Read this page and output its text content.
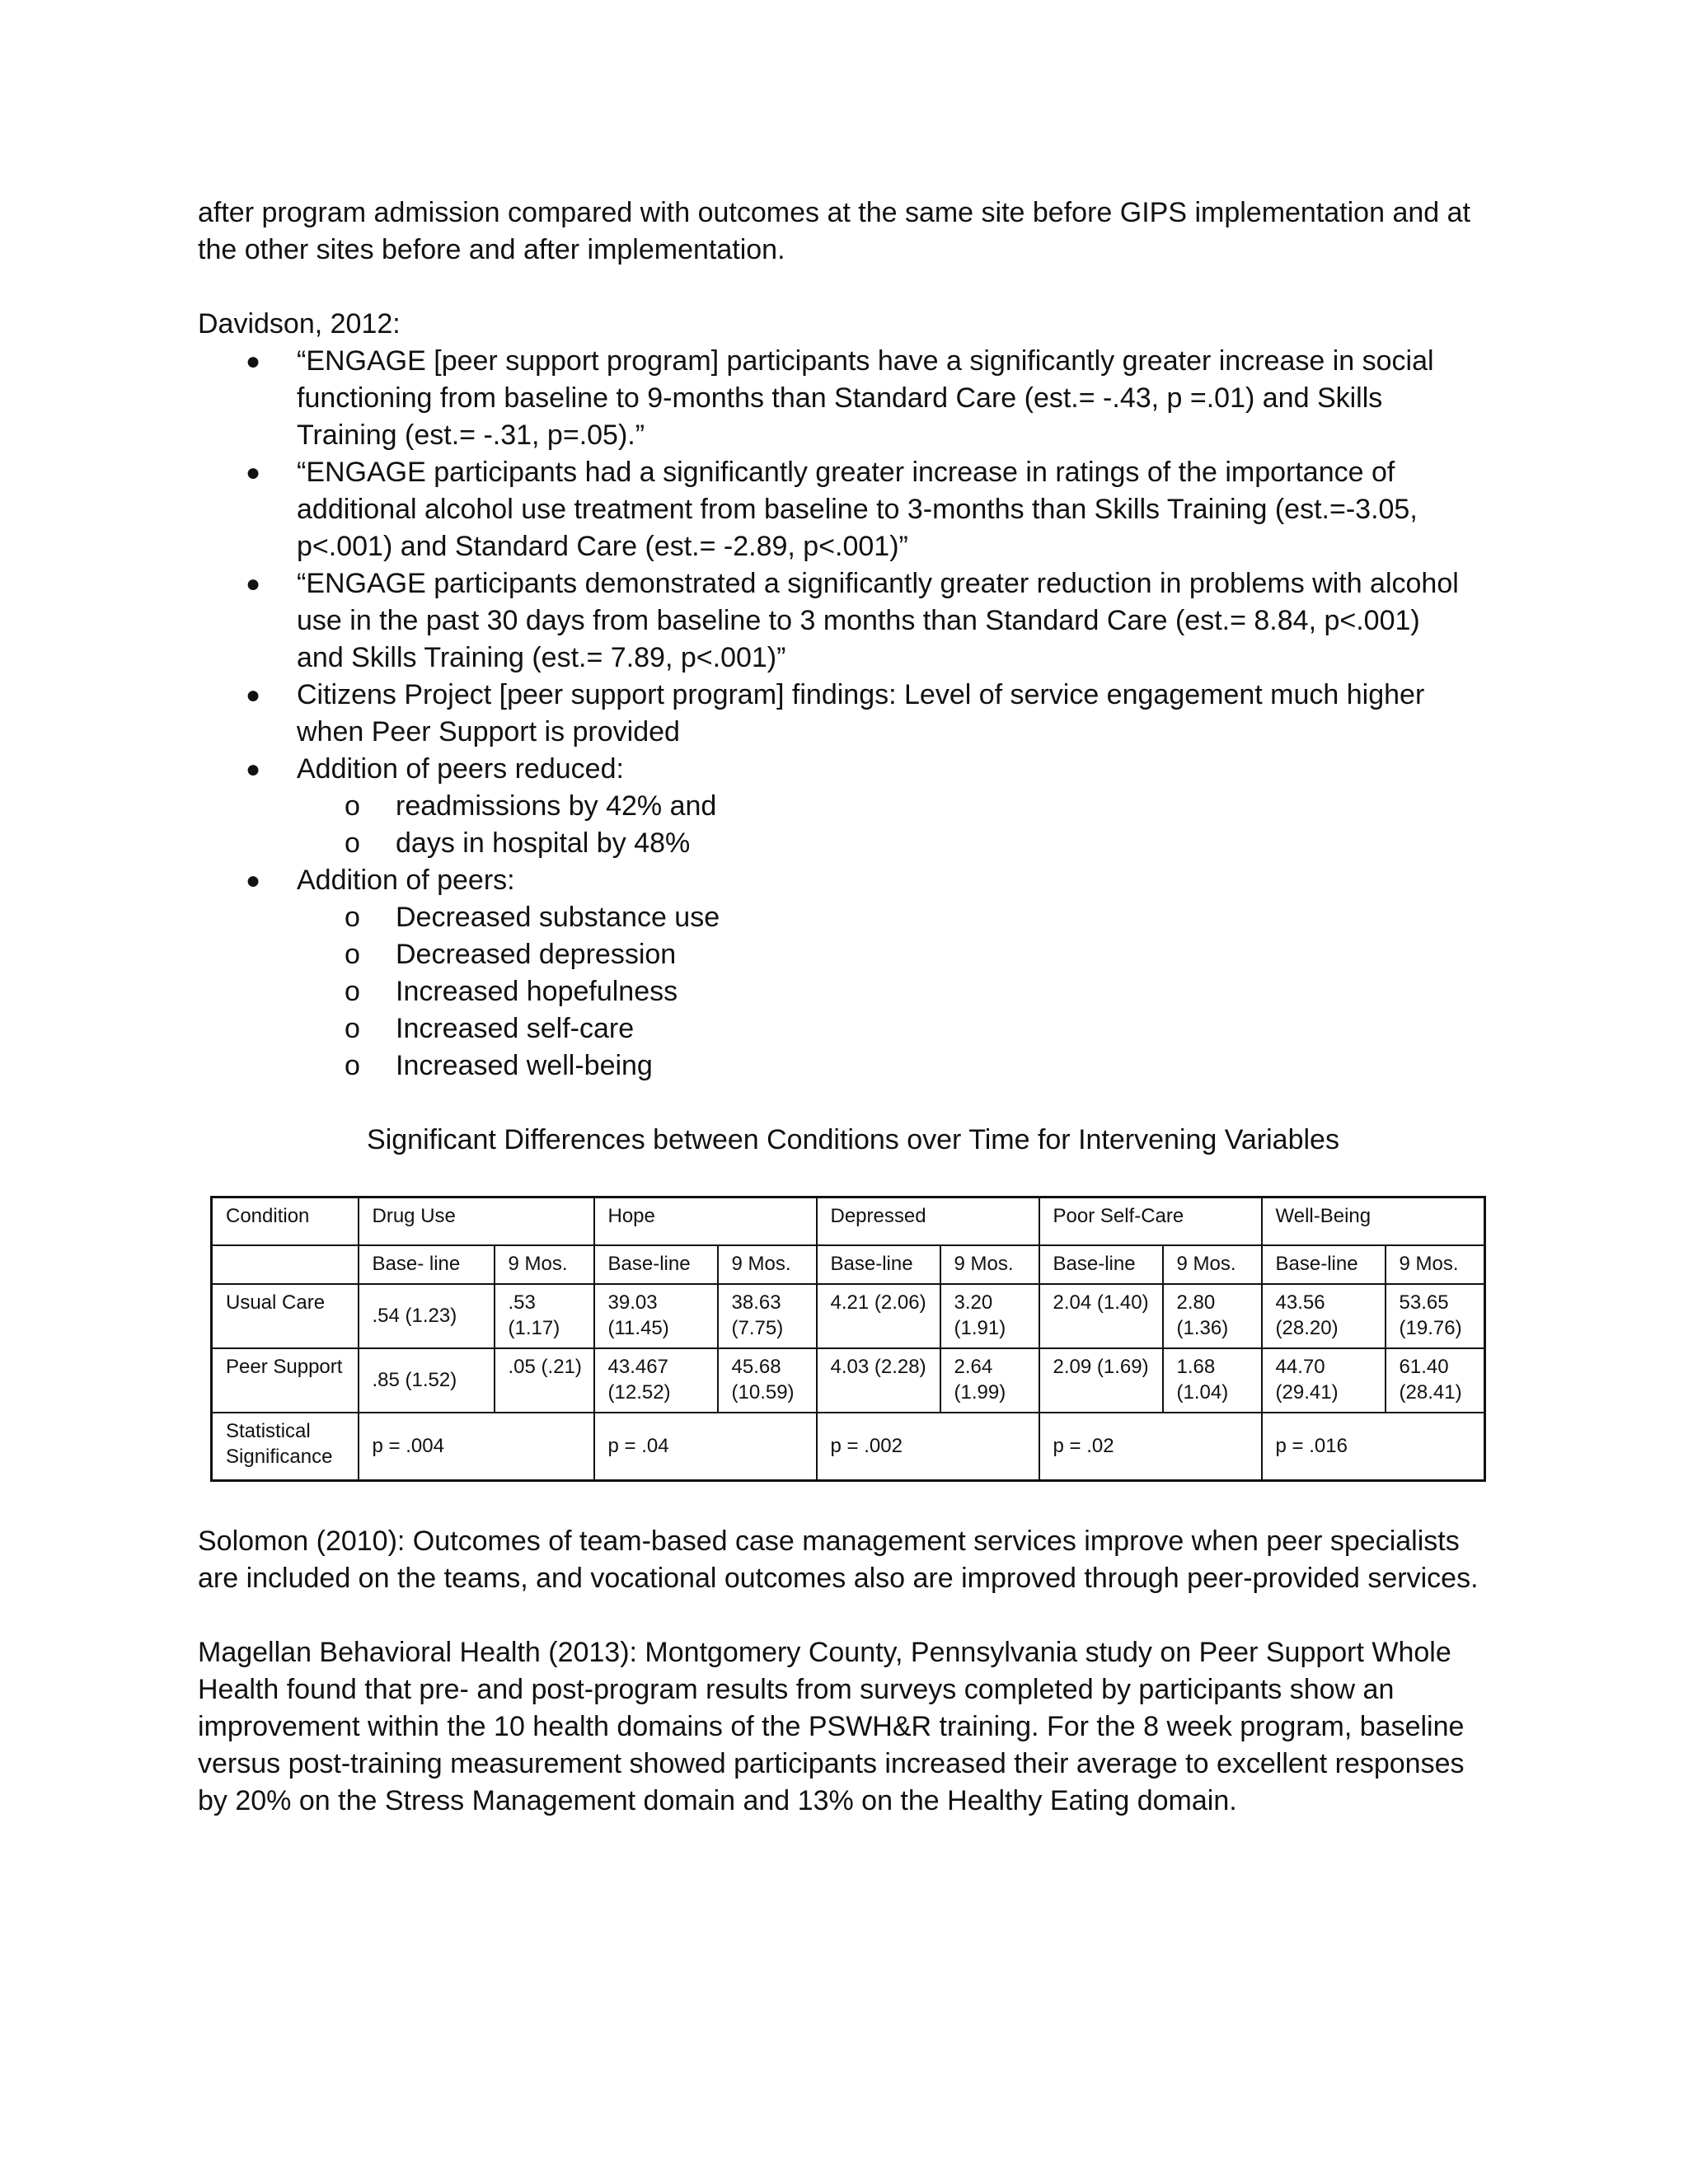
after program admission compared with outcomes at the same site before GIPS implementation and at
the other sites before and after implementation.

Davidson, 2012:

● “ENGAGE [peer support program] participants have a significantly greater increase in social functioning from baseline to 9-months than Standard Care (est.= -.43, p =.01) and Skills Training (est.= -.31, p=.05).”
● “ENGAGE participants had a significantly greater increase in ratings of the importance of additional alcohol use treatment from baseline to 3-months than Skills Training (est.=-3.05, p<.001) and Standard Care (est.= -2.89, p<.001)”
● “ENGAGE participants demonstrated a significantly greater reduction in problems with alcohol use in the past 30 days from baseline to 3 months than Standard Care (est.= 8.84, p<.001) and Skills Training (est.= 7.89, p<.001)”
● Citizens Project [peer support program] findings: Level of service engagement much higher when Peer Support is provided
● Addition of peers reduced:
o readmissions by 42% and
o days in hospital by 48%
● Addition of peers:
o Decreased substance use
o Decreased depression
o Increased hopefulness
o Increased self-care
o Increased well-being

Significant Differences between Conditions over Time for Intervening Variables

Condition	Drug Use		Hope		Depressed		Poor Self-Care		Well-Being	
	Base- line	9 Mos.	Base-line	9 Mos.	Base-line	9 Mos.	Base-line	9 Mos.	Base-line	9 Mos.
Usual Care	.54 (1.23)	.53 (1.17)	39.03 (11.45)	38.63 (7.75)	4.21 (2.06)	3.20 (1.91)	2.04 (1.40)	2.80 (1.36)	43.56 (28.20)	53.65 (19.76)
Peer Support	.85 (1.52)	.05 (.21)	43.467 (12.52)	45.68 (10.59)	4.03 (2.28)	2.64 (1.99)	2.09 (1.69)	1.68 (1.04)	44.70 (29.41)	61.40 (28.41)
Statistical Significance	p = .004		p = .04		p = .002		p = .02		p = .016	

Solomon (2010): Outcomes of team-based case management services improve when peer specialists are included on the teams, and vocational outcomes also are improved through peer-provided services.

Magellan Behavioral Health (2013): Montgomery County, Pennsylvania study on Peer Support Whole Health found that pre- and post-program results from surveys completed by participants show an improvement within the 10 health domains of the PSWH&R training. For the 8 week program, baseline versus post-training measurement showed participants increased their average to excellent responses by 20% on the Stress Management domain and 13% on the Healthy Eating domain.
